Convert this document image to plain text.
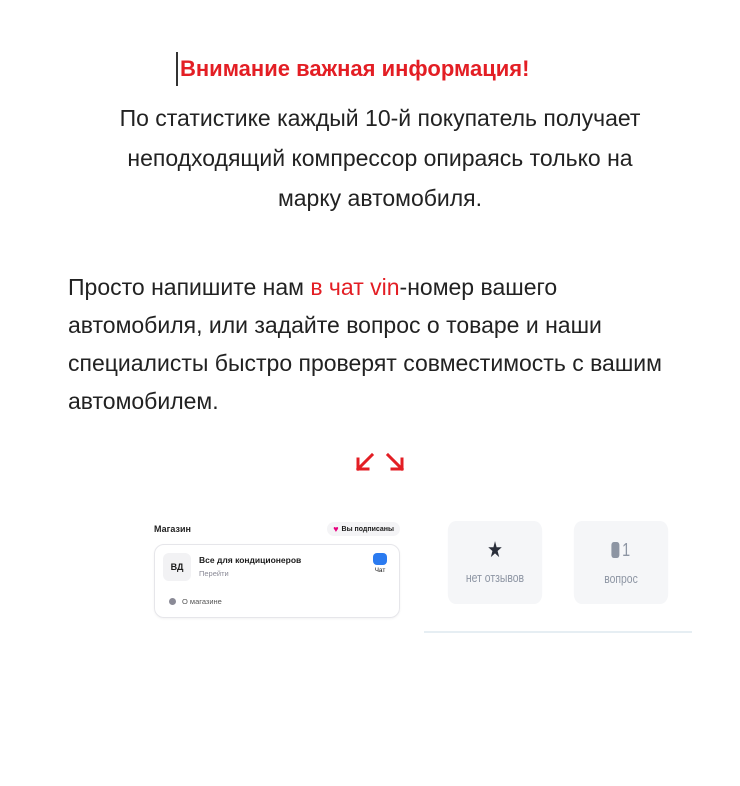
Внимание важная информация!
По статистике каждый 10-й покупатель получает
неподходящий компрессор опираясь только на
марку автомобиля.
Просто напишите нам в чат vin-номер вашего автомобиля, или задайте вопрос о товаре и наши специалисты быстро проверят совместимость с вашим автомобилем.
Магазин	♥ Вы подписаны
ВД
Все для кондиционеров
Перейти	Чат
О магазине
★
нет отзывов
1
вопрос
